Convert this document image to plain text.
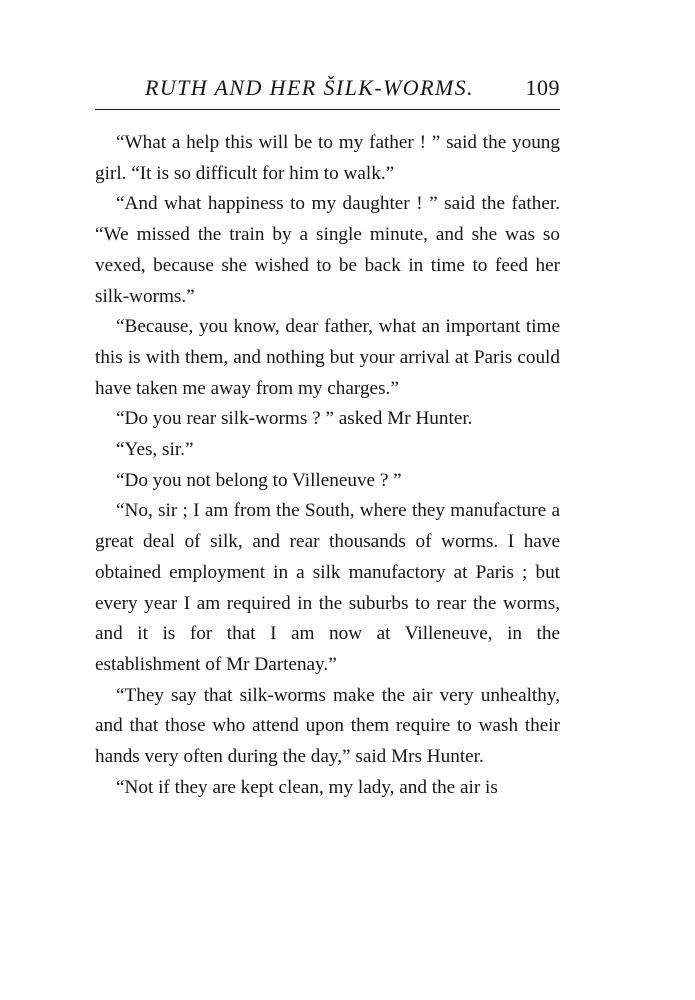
RUTH AND HER ŠILK-WORMS. 109

“What a help this will be to my father ! ” said the young girl. “It is so difficult for him to walk.”

“And what happiness to my daughter ! ” said the father. “We missed the train by a single minute, and she was so vexed, because she wished to be back in time to feed her silk-worms.”

“Because, you know, dear father, what an important time this is with them, and nothing but your arrival at Paris could have taken me away from my charges.”

“Do you rear silk-worms ? ” asked Mr Hunter.

“Yes, sir.”

“Do you not belong to Villeneuve ? ”

“No, sir ; I am from the South, where they manufacture a great deal of silk, and rear thousands of worms. I have obtained employment in a silk manufactory at Paris ; but every year I am required in the suburbs to rear the worms, and it is for that I am now at Villeneuve, in the establishment of Mr Dartenay.”

“They say that silk-worms make the air very unhealthy, and that those who attend upon them require to wash their hands very often during the day,” said Mrs Hunter.

“Not if they are kept clean, my lady, and the air is
